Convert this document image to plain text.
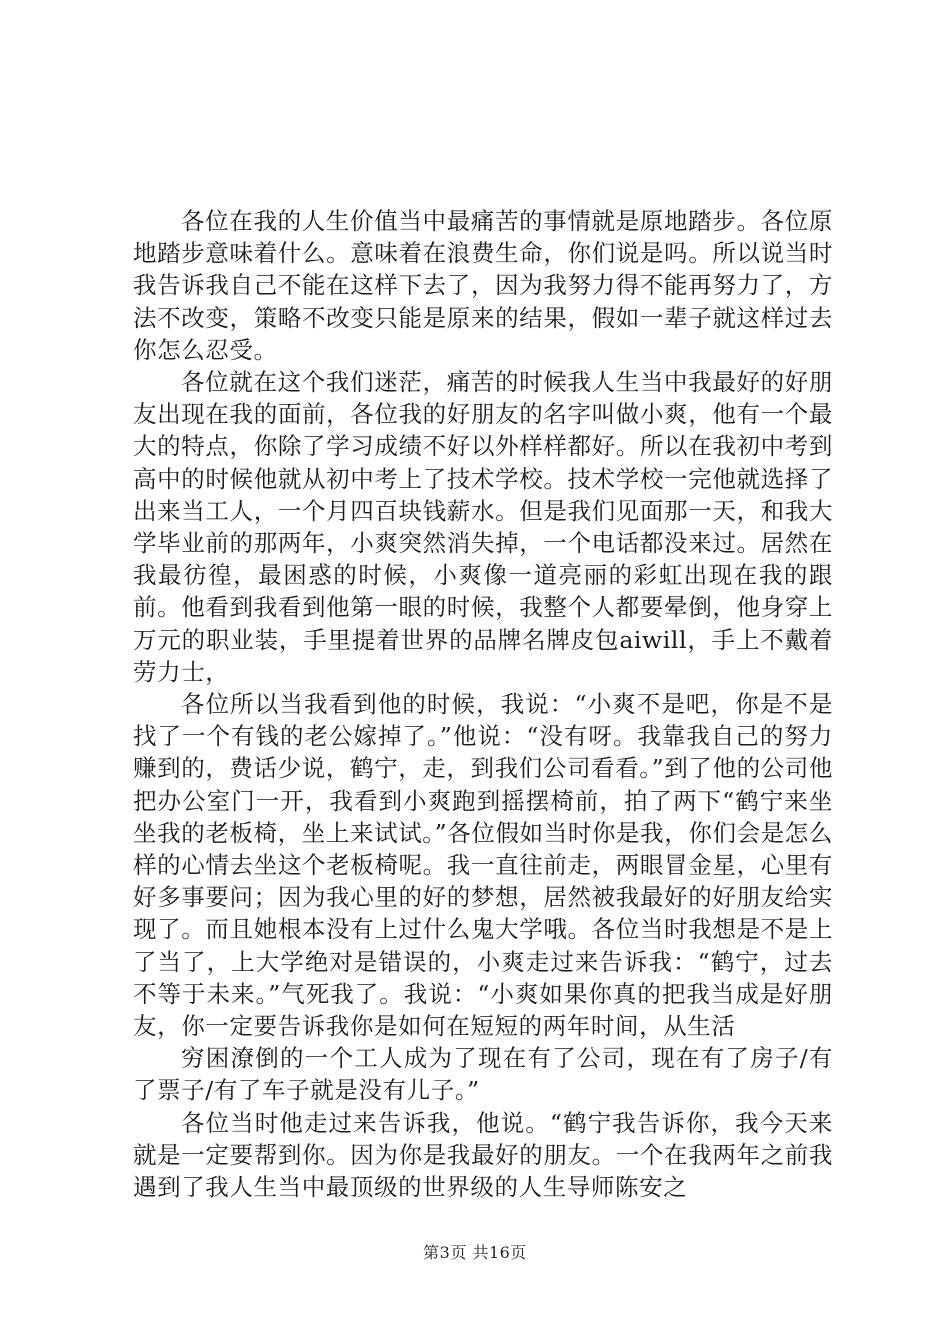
各位在我的人生价值当中最痛苦的事情就是原地踏步。各位原地踏步意味着什么。意味着在浪费生命，你们说是吗。所以说当时我告诉我自己不能在这样下去了，因为我努力得不能再努力了，方法不改变，策略不改变只能是原来的结果，假如一辈子就这样过去你怎么忍受。

各位就在这个我们迷茫，痛苦的时候我人生当中我最好的好朋友出现在我的面前，各位我的好朋友的名字叫做小爽，他有一个最大的特点，你除了学习成绩不好以外样样都好。所以在我初中考到高中的时候他就从初中考上了技术学校。技术学校一完他就选择了出来当工人，一个月四百块钱薪水。但是我们见面那一天，和我大学毕业前的那两年，小爽突然消失掉，一个电话都没来过。居然在我最彷徨，最困惑的时候，小爽像一道亮丽的彩虹出现在我的跟前。他看到我看到他第一眼的时候，我整个人都要晕倒，他身穿上万元的职业装，手里提着世界的品牌名牌皮包aiwill，手上不戴着劳力士，

各位所以当我看到他的时候，我说：“小爽不是吧，你是不是找了一个有钱的老公嫁掉了。”他说：“没有呀。我靠我自己的努力赚到的，费话少说，鹤宁，走，到我们公司看看。”到了他的公司他把办公室门一开，我看到小爽跑到摇摆椅前，拍了两下“鹤宁来坐坐我的老板椅，坐上来试试。”各位假如当时你是我，你们会是怎么样的心情去坐这个老板椅呢。我一直往前走，两眼冒金星，心里有好多事要问；因为我心里的好的梦想，居然被我最好的好朋友给实现了。而且她根本没有上过什么鬼大学哦。各位当时我想是不是上了当了，上大学绝对是错误的，小爽走过来告诉我：“鹤宁，过去不等于未来。”气死我了。我说：“小爽如果你真的把我当成是好朋友，你一定要告诉我你是如何在短短的两年时间，从生活

穷困潦倒的一个工人成为了现在有了公司，现在有了房子/有了票子/有了车子就是没有儿子。”

各位当时他走过来告诉我，他说。“鹤宁我告诉你，我今天来就是一定要帮到你。因为你是我最好的朋友。一个在我两年之前我遇到了我人生当中最顶级的世界级的人生导师陈安之

第3页 共16页
